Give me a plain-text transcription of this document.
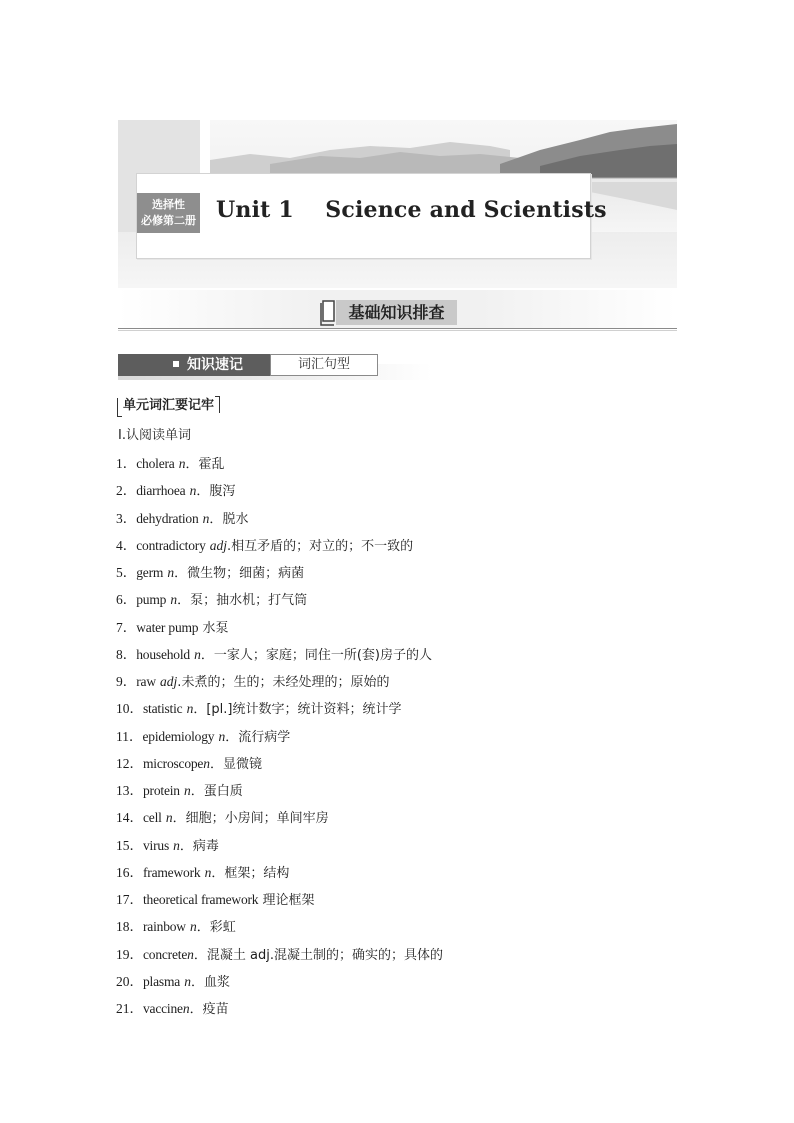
选择性
必修第二册 Unit 1    Science and Scientists
基础知识排查
知识速记	词汇句型
单元词汇要记牢
Ⅰ.认阅读单词
1．cholera n．霍乱
2．diarrhoea n．腹泻
3．dehydration n．脱水
4．contradictory adj.相互矛盾的；对立的；不一致的
5．germ n．微生物；细菌；病菌
6．pump n．泵；抽水机；打气筒
7．water pump 水泵
8．household n．一家人；家庭；同住一所(套)房子的人
9．raw adj.未煮的；生的；未经处理的；原始的
10．statistic n．[pl.]统计数字；统计资料；统计学
11．epidemiology n．流行病学
12．microscopen．显微镜
13．protein n．蛋白质
14．cell n．细胞；小房间；单间牢房
15．virus n．病毒
16．framework n．框架；结构
17．theoretical framework 理论框架
18．rainbow n．彩虹
19．concreten．混凝土 adj.混凝土制的；确实的；具体的
20．plasma n．血浆
21．vaccinen．疫苗
